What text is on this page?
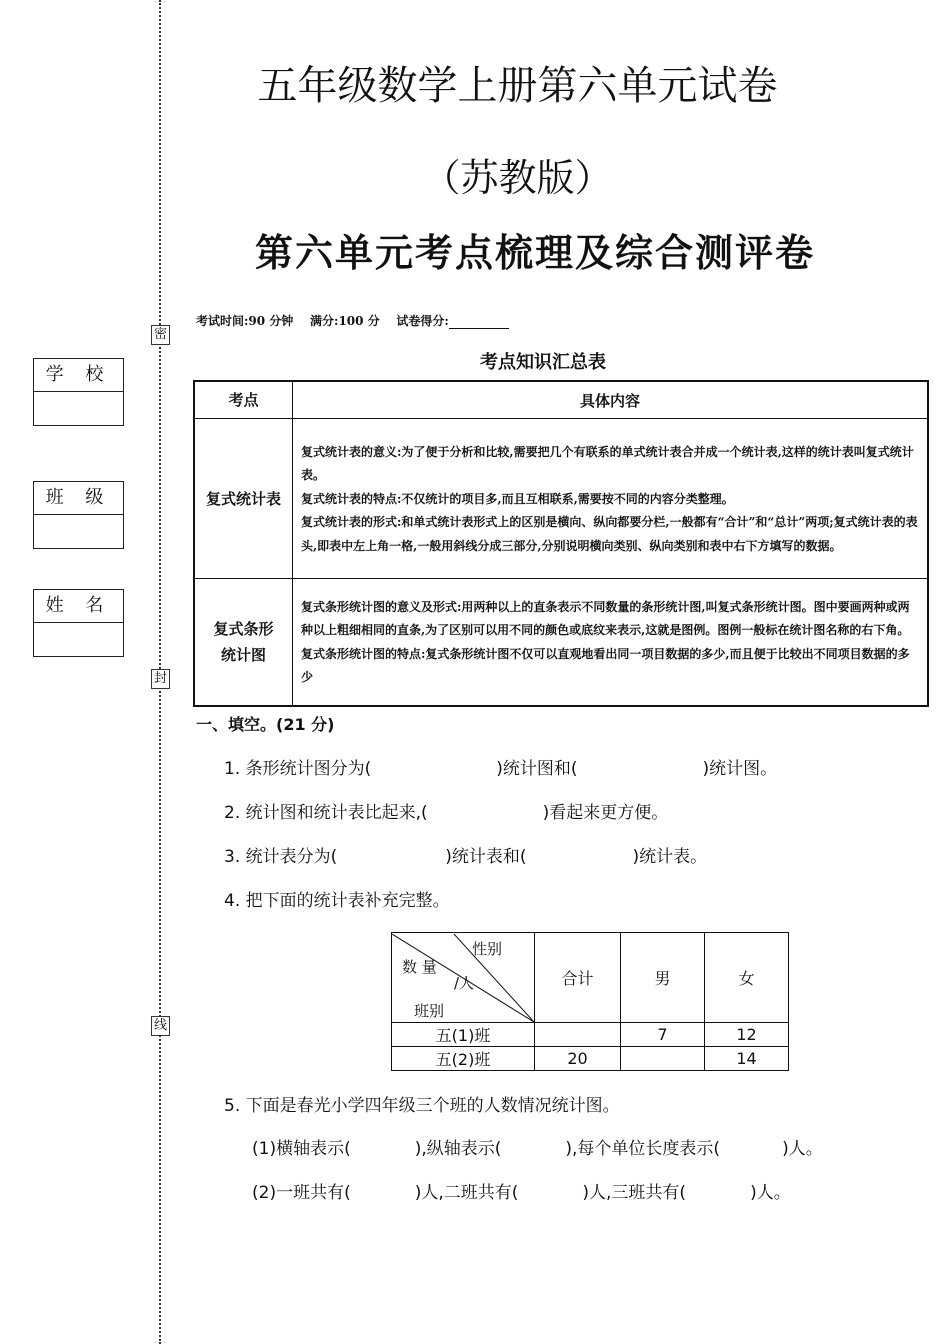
密
封
线
学 校
班 级
姓 名
五年级数学上册第六单元试卷
（苏教版）
第六单元考点梳理及综合测评卷
考试时间:90 分钟 满分:100 分 试卷得分:
考点知识汇总表
考点	具体内容
复式统计表	复式统计表的意义:为了便于分析和比较,需要把几个有联系的单式统计表合并成一个统计表,这样的统计表叫复式统计表。
复式统计表的特点:不仅统计的项目多,而且互相联系,需要按不同的内容分类整理。
复式统计表的形式:和单式统计表形式上的区别是横向、纵向都要分栏,一般都有“合计”和“总计”两项;复式统计表的表头,即表中左上角一格,一般用斜线分成三部分,分别说明横向类别、纵向类别和表中右下方填写的数据。

复式条形统计图	复式条形统计图的意义及形式:用两种以上的直条表示不同数量的条形统计图,叫复式条形统计图。图中要画两种或两种以上粗细相同的直条,为了区别可以用不同的颜色或底纹来表示,这就是图例。图例一般标在统计图名称的右下角。
复式条形统计图的特点:复式条形统计图不仅可以直观地看出同一项目数据的多少,而且便于比较出不同项目数据的多少
一、填空。(21 分)
1. 条形统计图分为(	)统计图和(	)统计图。
2. 统计图和统计表比起来,(	)看起来更方便。
3. 统计表分为(	)统计表和(	)统计表。
4. 把下面的统计表补充完整。
性别
数 量
/人
班别	合计	男	女
五(1)班		7	12
五(2)班	20		14
5. 下面是春光小学四年级三个班的人数情况统计图。
(1)横轴表示(	),纵轴表示(	),每个单位长度表示(	)人。
(2)一班共有(	)人,二班共有(	)人,三班共有(	)人。
